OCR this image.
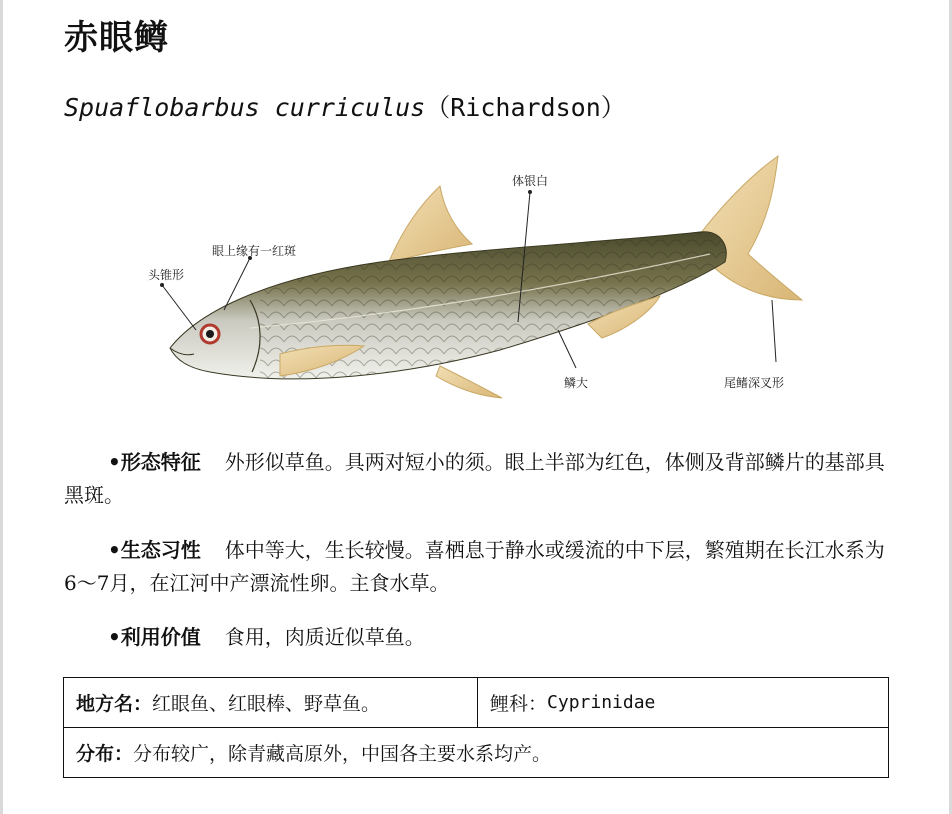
赤眼鳟
Spuaflobarbus curriculus（Richardson）
头锥形
眼上缘有一红斑
体银白
鳞大	尾鳍深叉形
•形态特征 外形似草鱼。具两对短小的须。眼上半部为红色，体侧及背部鳞片的基部具黑斑。
•生态习性 体中等大，生长较慢。喜栖息于静水或缓流的中下层，繁殖期在长江水系为6～7月，在江河中产漂流性卵。主食水草。
•利用价值 食用，肉质近似草鱼。
地方名： 红眼鱼、红眼棒、野草鱼。	鲤科： Cyprinidae
分布： 分布较广，除青藏高原外，中国各主要水系均产。
